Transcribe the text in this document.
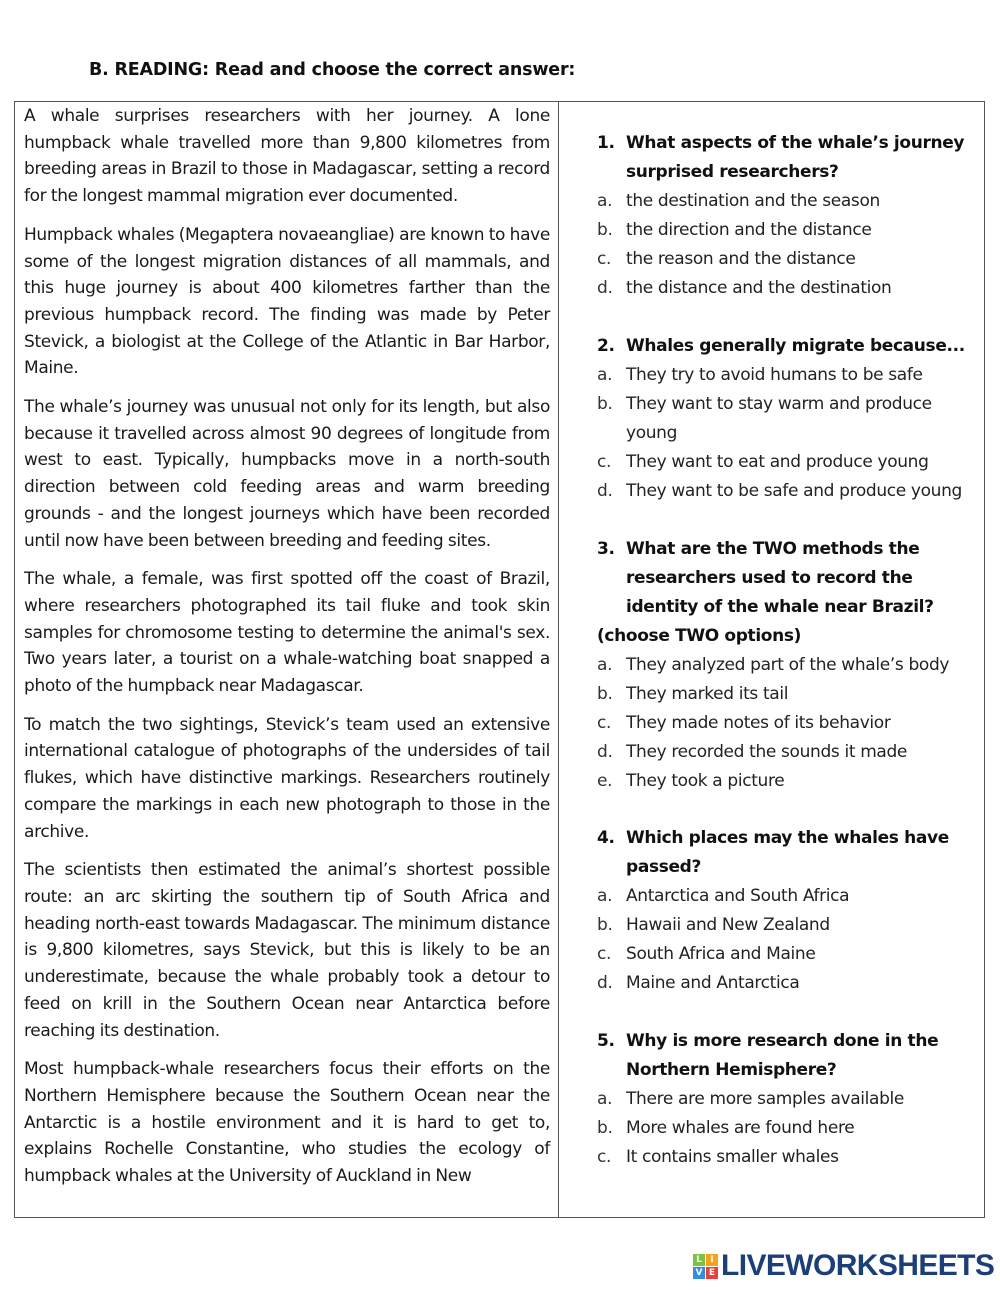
B. READING: Read and choose the correct answer:

A whale surprises researchers with her journey. A lone humpback whale travelled more than 9,800 kilometres from breeding areas in Brazil to those in Madagascar, setting a record for the longest mammal migration ever documented.

Humpback whales (Megaptera novaeangliae) are known to have some of the longest migration distances of all mammals, and this huge journey is about 400 kilometres farther than the previous humpback record. The finding was made by Peter Stevick, a biologist at the College of the Atlantic in Bar Harbor, Maine.

The whale’s journey was unusual not only for its length, but also because it travelled across almost 90 degrees of longitude from west to east. Typically, humpbacks move in a north-south direction between cold feeding areas and warm breeding grounds - and the longest journeys which have been recorded until now have been between breeding and feeding sites.

The whale, a female, was first spotted off the coast of Brazil, where researchers photographed its tail fluke and took skin samples for chromosome testing to determine the animal's sex. Two years later, a tourist on a whale-watching boat snapped a photo of the humpback near Madagascar.

To match the two sightings, Stevick’s team used an extensive international catalogue of photographs of the undersides of tail flukes, which have distinctive markings. Researchers routinely compare the markings in each new photograph to those in the archive.

The scientists then estimated the animal’s shortest possible route: an arc skirting the southern tip of South Africa and heading north-east towards Madagascar. The minimum distance is 9,800 kilometres, says Stevick, but this is likely to be an underestimate, because the whale probably took a detour to feed on krill in the Southern Ocean near Antarctica before reaching its destination.

Most humpback-whale researchers focus their efforts on the Northern Hemisphere because the Southern Ocean near the Antarctic is a hostile environment and it is hard to get to, explains Rochelle Constantine, who studies the ecology of humpback whales at the University of Auckland in New

1. What aspects of the whale’s journey surprised researchers?
a. the destination and the season
b. the direction and the distance
c. the reason and the distance
d. the distance and the destination
2. Whales generally migrate because...
a. They try to avoid humans to be safe
b. They want to stay warm and produce young
c. They want to eat and produce young
d. They want to be safe and produce young
3. What are the TWO methods the researchers used to record the identity of the whale near Brazil?
(choose TWO options)
a. They analyzed part of the whale’s body
b. They marked its tail
c. They made notes of its behavior
d. They recorded the sounds it made
e. They took a picture
4. Which places may the whales have passed?
a. Antarctica and South Africa
b. Hawaii and New Zealand
c. South Africa and Maine
d. Maine and Antarctica
5. Why is more research done in the Northern Hemisphere?
a. There are more samples available
b. More whales are found here
c. It contains smaller whales
L I
V E LIVEWORKSHEETS
